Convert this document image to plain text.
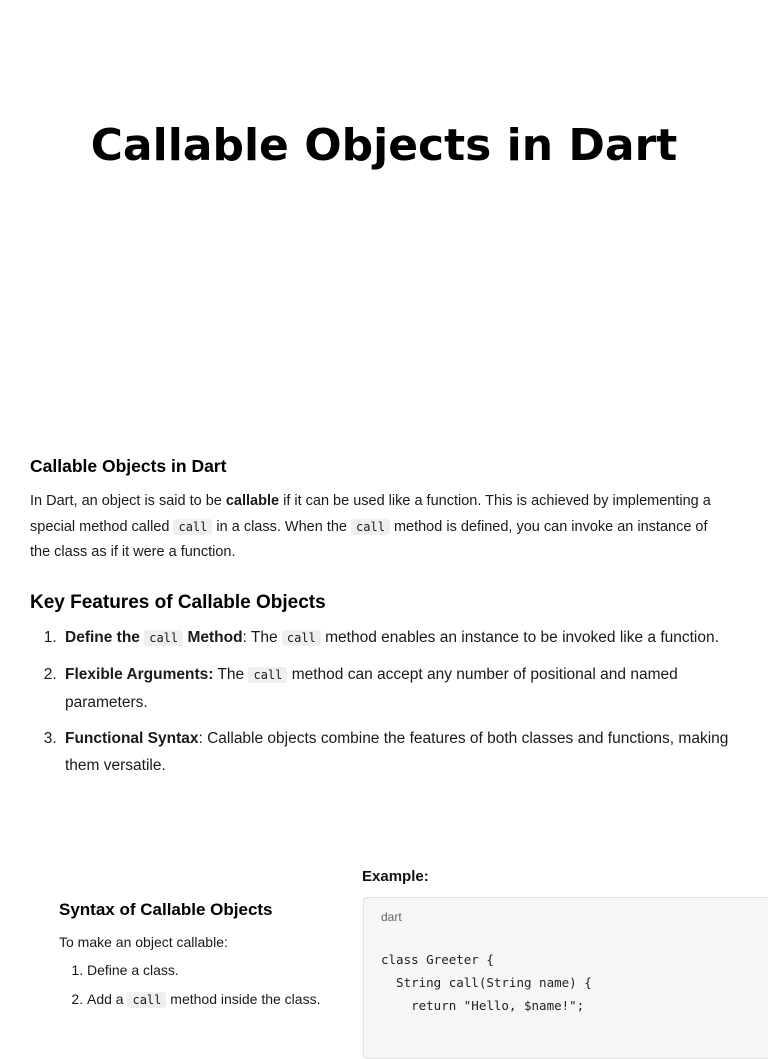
Callable Objects in Dart
Callable Objects in Dart

In Dart, an object is said to be callable if it can be used like a function. This is achieved by implementing a special method called call in a class. When the call method is defined, you can invoke an instance of the class as if it were a function.

Key Features of Callable Objects
1. Define the call Method: The call method enables an instance to be invoked like a function.
2. Flexible Arguments: The call method can accept any number of positional and named parameters.
3. Functional Syntax: Callable objects combine the features of both classes and functions, making them versatile.
Syntax of Callable Objects

To make an object callable:

1. Define a class.
2. Add a call method inside the class.
Example:
dart
class Greeter {
String call(String name) {
return "Hello, $name!";
